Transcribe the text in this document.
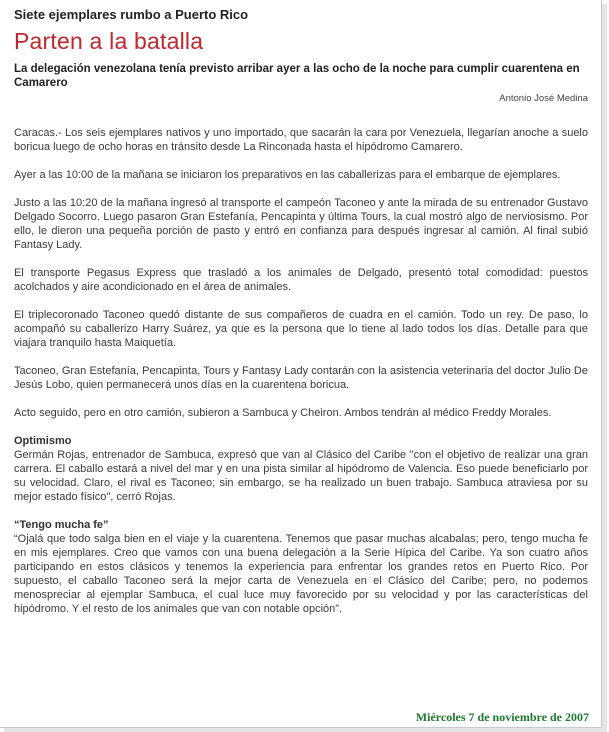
Siete ejemplares rumbo a Puerto Rico
Parten a la batalla
La delegación venezolana tenía previsto arribar ayer a las ocho de la noche para cumplir cuarentena en Camarero
Antonio José Medina

Caracas.- Los seis ejemplares nativos y uno importado, que sacarán la cara por Venezuela, llegarían anoche a suelo boricua luego de ocho horas en tránsito desde La Rinconada hasta el hipódromo Camarero.

Ayer a las 10:00 de la mañana se iniciaron los preparativos en las caballerizas para el embarque de ejemplares.

Justo a las 10:20 de la mañana ingresó al transporte el campeón Taconeo y ante la mirada de su entrenador Gustavo Delgado Socorro. Luego pasaron Gran Estefanía, Pencapinta y última Tours, la cual mostró algo de nerviosismo. Por ello, le dieron una pequeña porción de pasto y entró en confianza para después ingresar al camión. Al final subió Fantasy Lady.

El transporte Pegasus Express que trasladó a los animales de Delgado, presentó total comodidad: puestos acolchados y aire acondicionado en el área de animales.

El triplecoronado Taconeo quedó distante de sus compañeros de cuadra en el camión. Todo un rey. De paso, lo acompañó su caballerizo Harry Suárez, ya que es la persona que lo tiene al lado todos los días. Detalle para que viajara tranquilo hasta Maiquetía.

Taconeo, Gran Estefanía, Pencapinta, Tours y Fantasy Lady contarán con la asistencia veterinaria del doctor Julio De Jesús Lobo, quien permanecerá unos días en la cuarentena boricua.

Acto seguido, pero en otro camión, subieron a Sambuca y Cheiron. Ambos tendrán al médico Freddy Morales.

Optimismo
Germán Rojas, entrenador de Sambuca, expresó que van al Clásico del Caribe "con el objetivo de realizar una gran carrera. El caballo estará a nivel del mar y en una pista similar al hipódromo de Valencia. Eso puede beneficiarlo por su velocidad. Claro, el rival es Taconeo; sin embargo, se ha realizado un buen trabajo. Sambuca atraviesa por su mejor estado físico", cerró Rojas.

“Tengo mucha fe”
“Ojalá que todo salga bien en el viaje y la cuarentena. Tenemos que pasar muchas alcabalas; pero, tengo mucha fe en mis ejemplares. Creo que vamos con una buena delegación a la Serie Hípica del Caribe. Ya son cuatro años participando en estos clásicos y tenemos la experiencia para enfrentar los grandes retos en Puerto Rico. Por supuesto, el caballo Taconeo será la mejor carta de Venezuela en el Clásico del Caribe; pero, no podemos menospreciar al ejemplar Sambuca, el cual luce muy favorecido por su velocidad y por las características del hipódromo. Y el resto de los animales que van con notable opción”.

Miércoles 7 de noviembre de 2007
